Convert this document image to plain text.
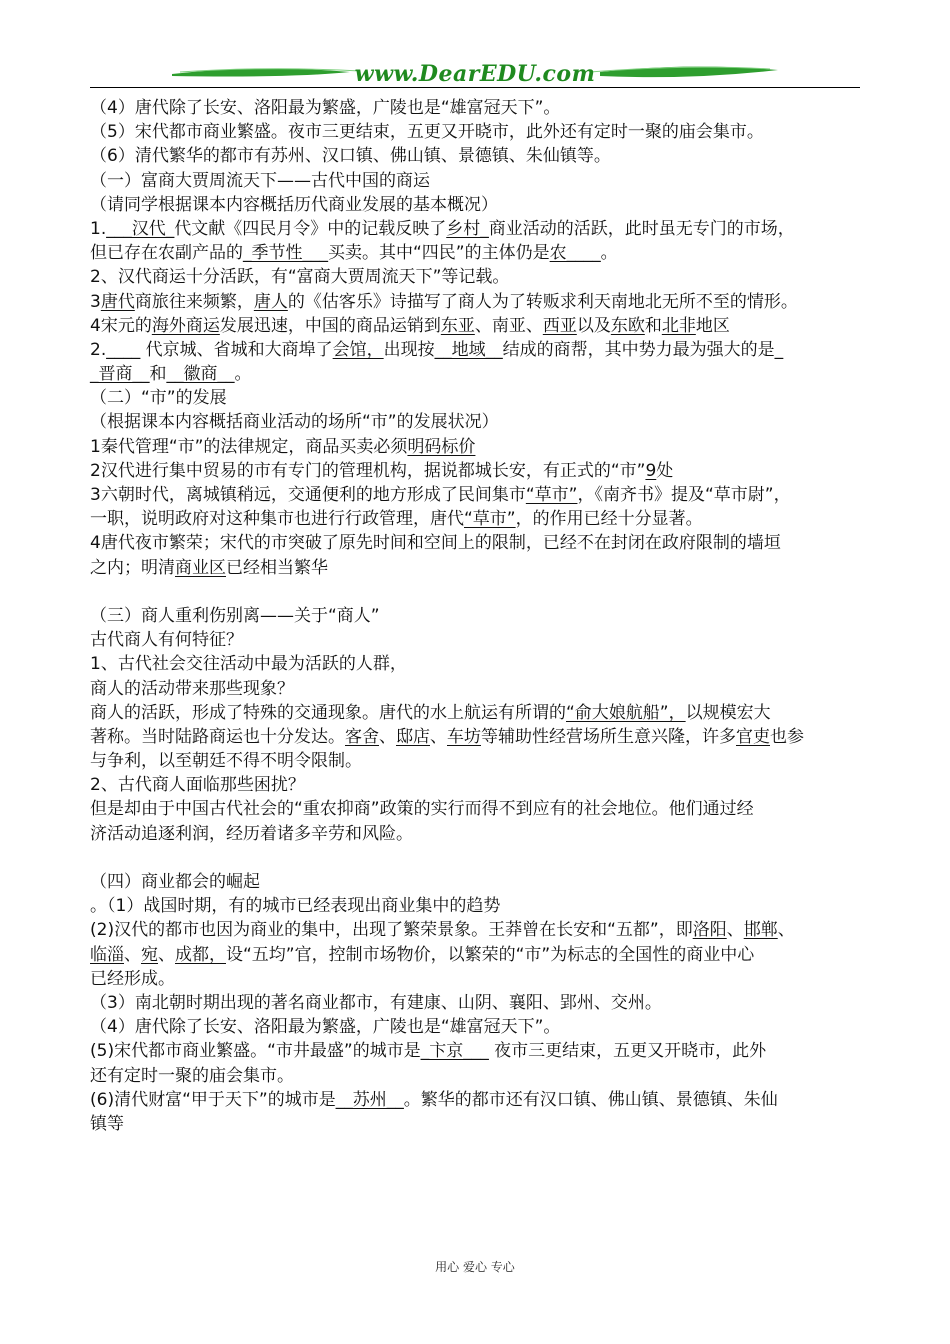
www.DearEDU.com
（4）唐代除了长安、洛阳最为繁盛，广陵也是“雄富冠天下”。
（5）宋代都市商业繁盛。夜市三更结束，五更又开晓市，此外还有定时一聚的庙会集市。
（6）清代繁华的都市有苏州、汉口镇、佛山镇、景德镇、朱仙镇等。
（一）富商大贾周流天下——古代中国的商运
（请同学根据课本内容概括历代商业发展的基本概况）
1.___汉代_代文献《四民月令》中的记载反映了乡村_商业活动的活跃，此时虽无专门的市场，
但已存在农副产品的_季节性___买卖。其中“四民”的主体仍是农____。
2、汉代商运十分活跃，有“富商大贾周流天下”等记载。
3唐代商旅往来频繁，唐人的《估客乐》诗描写了商人为了转贩求利天南地北无所不至的情形。
4宋元的海外商运发展迅速，中国的商品运销到东亚、南亚、西亚以及东欧和北非地区
2.____ 代京城、省城和大商埠了会馆，出现按__地域__结成的商帮，其中势力最为强大的是_
_晋商__和__徽商__。
（二）“市”的发展
（根据课本内容概括商业活动的场所“市”的发展状况）
1秦代管理“市”的法律规定，商品买卖必须明码标价
2汉代进行集中贸易的市有专门的管理机构，据说都城长安，有正式的“市”9处
3六朝时代，离城镇稍远，交通便利的地方形成了民间集市“草市”，《南齐书》提及“草市尉”，
一职，说明政府对这种集市也进行行政管理，唐代“草市”，的作用已经十分显著。
4唐代夜市繁荣；宋代的市突破了原先时间和空间上的限制，已经不在封闭在政府限制的墙垣
之内；明清商业区已经相当繁华
（三）商人重利伤别离——关于“商人”
古代商人有何特征？
1、古代社会交往活动中最为活跃的人群，
商人的活动带来那些现象？
商人的活跃，形成了特殊的交通现象。唐代的水上航运有所谓的“俞大娘航船”，以规模宏大
著称。当时陆路商运也十分发达。客舍、邸店、车坊等辅助性经营场所生意兴隆，许多官吏也参
与争利，以至朝廷不得不明令限制。
2、古代商人面临那些困扰？
但是却由于中国古代社会的“重农抑商”政策的实行而得不到应有的社会地位。他们通过经
济活动追逐利润，经历着诸多辛劳和风险。
（四）商业都会的崛起
。（1）战国时期，有的城市已经表现出商业集中的趋势
(2)汉代的都市也因为商业的集中，出现了繁荣景象。王莽曾在长安和“五都”，即洛阳、邯郸、
临淄、宛、成都，设“五均”官，控制市场物价，以繁荣的“市”为标志的全国性的商业中心
已经形成。
（3）南北朝时期出现的著名商业都市，有建康、山阴、襄阳、郢州、交州。
（4）唐代除了长安、洛阳最为繁盛，广陵也是“雄富冠天下”。
(5)宋代都市商业繁盛。“市井最盛”的城市是_卞京___ 夜市三更结束，五更又开晓市，此外
还有定时一聚的庙会集市。
(6)清代财富“甲于天下”的城市是__苏州__。繁华的都市还有汉口镇、佛山镇、景德镇、朱仙
镇等
用心 爱心 专心
